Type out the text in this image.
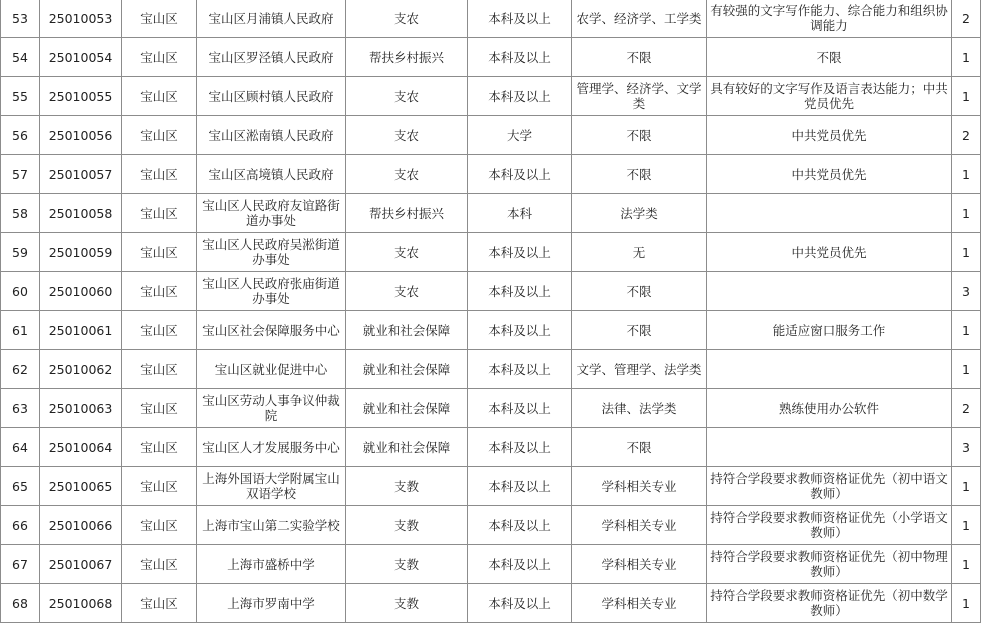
53	25010053	宝山区	宝山区月浦镇人民政府	支农	本科及以上	农学、经济学、工学类	有较强的文字写作能力、综合能力和组织协调能力	2
54	25010054	宝山区	宝山区罗泾镇人民政府	帮扶乡村振兴	本科及以上	不限	不限	1
55	25010055	宝山区	宝山区顾村镇人民政府	支农	本科及以上	管理学、经济学、文学类	具有较好的文字写作及语言表达能力；中共党员优先	1
56	25010056	宝山区	宝山区淞南镇人民政府	支农	大学	不限	中共党员优先	2
57	25010057	宝山区	宝山区高境镇人民政府	支农	本科及以上	不限	中共党员优先	1
58	25010058	宝山区	宝山区人民政府友谊路街道办事处	帮扶乡村振兴	本科	法学类		1
59	25010059	宝山区	宝山区人民政府吴淞街道办事处	支农	本科及以上	无	中共党员优先	1
60	25010060	宝山区	宝山区人民政府张庙街道办事处	支农	本科及以上	不限		3
61	25010061	宝山区	宝山区社会保障服务中心	就业和社会保障	本科及以上	不限	能适应窗口服务工作	1
62	25010062	宝山区	宝山区就业促进中心	就业和社会保障	本科及以上	文学、管理学、法学类		1
63	25010063	宝山区	宝山区劳动人事争议仲裁院	就业和社会保障	本科及以上	法律、法学类	熟练使用办公软件	2
64	25010064	宝山区	宝山区人才发展服务中心	就业和社会保障	本科及以上	不限		3
65	25010065	宝山区	上海外国语大学附属宝山双语学校	支教	本科及以上	学科相关专业	持符合学段要求教师资格证优先（初中语文教师）	1
66	25010066	宝山区	上海市宝山第二实验学校	支教	本科及以上	学科相关专业	持符合学段要求教师资格证优先（小学语文教师）	1
67	25010067	宝山区	上海市盛桥中学	支教	本科及以上	学科相关专业	持符合学段要求教师资格证优先（初中物理教师）	1
68	25010068	宝山区	上海市罗南中学	支教	本科及以上	学科相关专业	持符合学段要求教师资格证优先（初中数学教师）	1
